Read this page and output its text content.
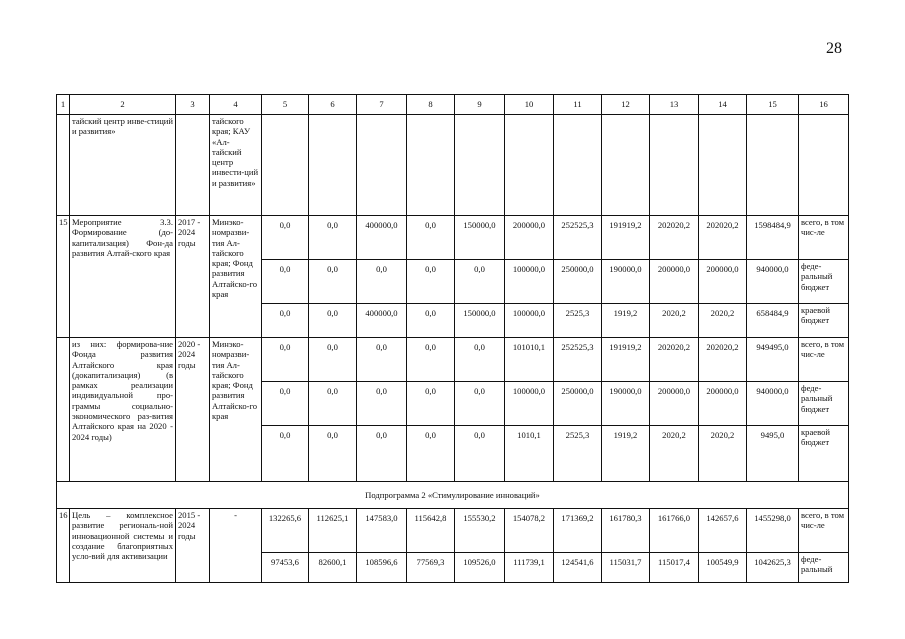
28
1	2	3	4	5	6	7	8	9	10	11	12	13	14	15	16
	тайский центр инве-стиций и развития»		тайского края; КАУ «Ал-тайский центр инвести-ций и развития»												
15	Мероприятие 3.3. Формирование (до-капитализация) Фон-да развития Алтай-ского края	2017 - 2024 годы	Минэко-номразви-тия Ал-тайского края; Фонд развития Алтайско-го края	0,0	0,0	400000,0	0,0	150000,0	200000,0	252525,3	191919,2	202020,2	202020,2	1598484,9	всего, в том чис-ле
				0,0	0,0	0,0	0,0	0,0	100000,0	250000,0	190000,0	200000,0	200000,0	940000,0	феде-ральный бюджет
				0,0	0,0	400000,0	0,0	150000,0	100000,0	2525,3	1919,2	2020,2	2020,2	658484,9	краевой бюджет
	из них: формирова-ние Фонда развития Алтайского края (докапитализация) (в рамках реализации индивидуальной про-граммы социально-экономического раз-вития Алтайского края на 2020 - 2024 годы)	2020 - 2024 годы	Минэко-номразви-тия Ал-тайского края; Фонд развития Алтайско-го края	0,0	0,0	0,0	0,0	0,0	101010,1	252525,3	191919,2	202020,2	202020,2	949495,0	всего, в том чис-ле
				0,0	0,0	0,0	0,0	0,0	100000,0	250000,0	190000,0	200000,0	200000,0	940000,0	феде-ральный бюджет
				0,0	0,0	0,0	0,0	0,0	1010,1	2525,3	1919,2	2020,2	2020,2	9495,0	краевой бюджет
Подпрограмма 2 «Стимулирование инноваций»															
16	Цель – комплексное развитие региональ-ной инновационной системы и создание благоприятных усло-вий для активизации	2015 - 2024 годы	-	132265,6	112625,1	147583,0	115642,8	155530,2	154078,2	171369,2	161780,3	161766,0	142657,6	1455298,0	всего, в том чис-ле
				97453,6	82600,1	108596,6	77569,3	109526,0	111739,1	124541,6	115031,7	115017,4	100549,9	1042625,3	феде-ральный
